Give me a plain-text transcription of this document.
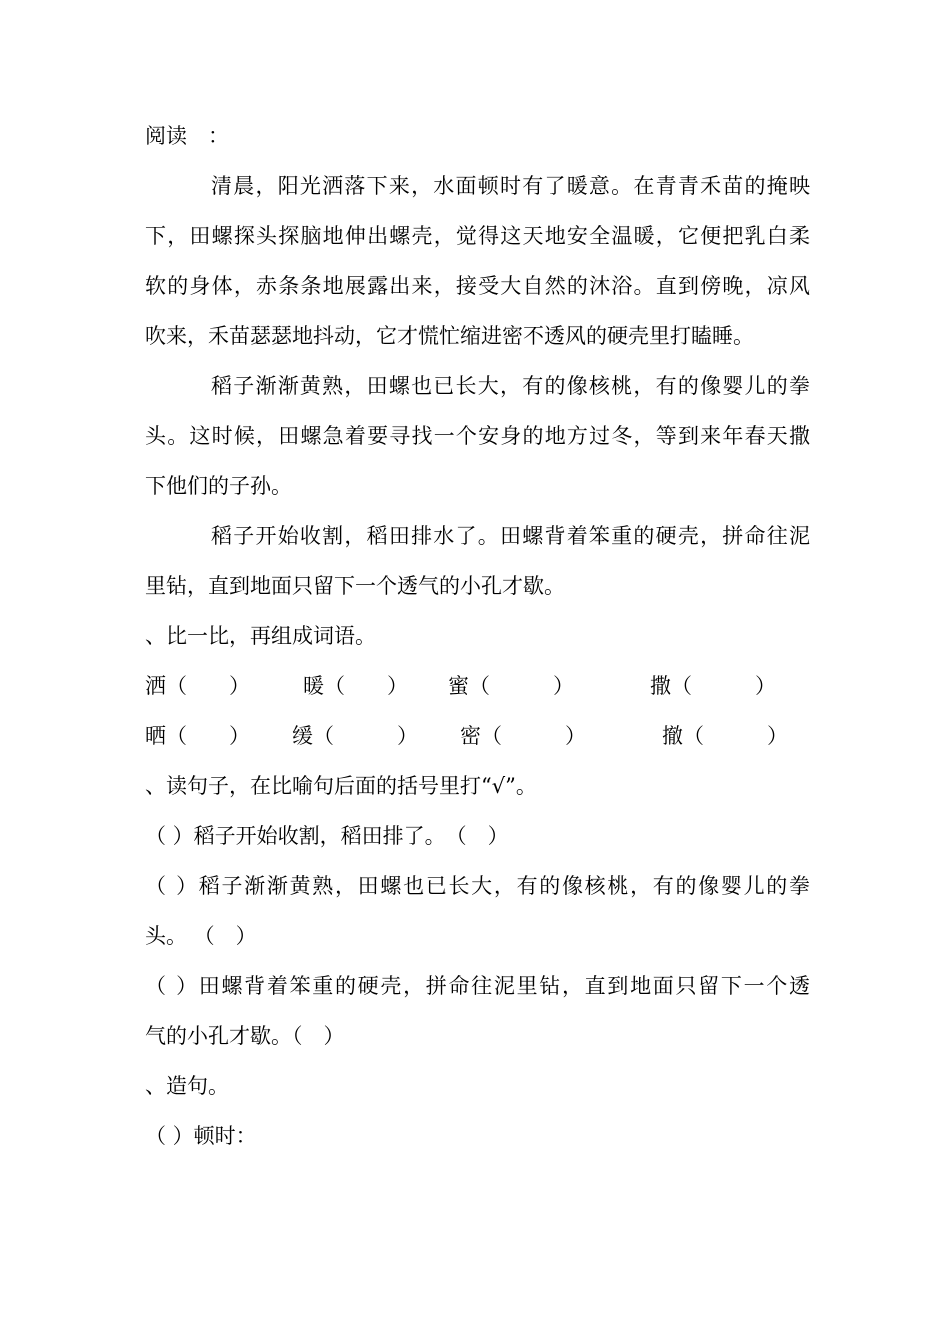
阅读　：
清晨，阳光洒落下来，水面顿时有了暖意。在青青禾苗的掩映
下，田螺探头探脑地伸出螺壳，觉得这天地安全温暖，它便把乳白柔
软的身体，赤条条地展露出来，接受大自然的沐浴。直到傍晚，凉风
吹来，禾苗瑟瑟地抖动，它才慌忙缩进密不透风的硬壳里打瞌睡。
稻子渐渐黄熟，田螺也已长大，有的像核桃，有的像婴儿的拳
头。这时候，田螺急着要寻找一个安身的地方过冬，等到来年春天撒
下他们的子孙。
稻子开始收割，稻田排水了。田螺背着笨重的硬壳，拼命往泥
里钻，直到地面只留下一个透气的小孔才歇。
、比一比，再组成词语。
洒（　　）	暖（　　） 蜜（　　　）	撒（　　　）
晒（　　） 缓（　　　） 密（　　　）	撤（　　　）
、读句子，在比喻句后面的括号里打“√”。
（ ）稻子开始收割，稻田排了。　（　）
（ ）稻子渐渐黄熟，田螺也已长大，有的像核桃，有的像婴儿的拳
头。 （　）
（ ）田螺背着笨重的硬壳，拼命往泥里钻，直到地面只留下一个透
气的小孔才歇。（　）
、造句。
（ ）顿时：
